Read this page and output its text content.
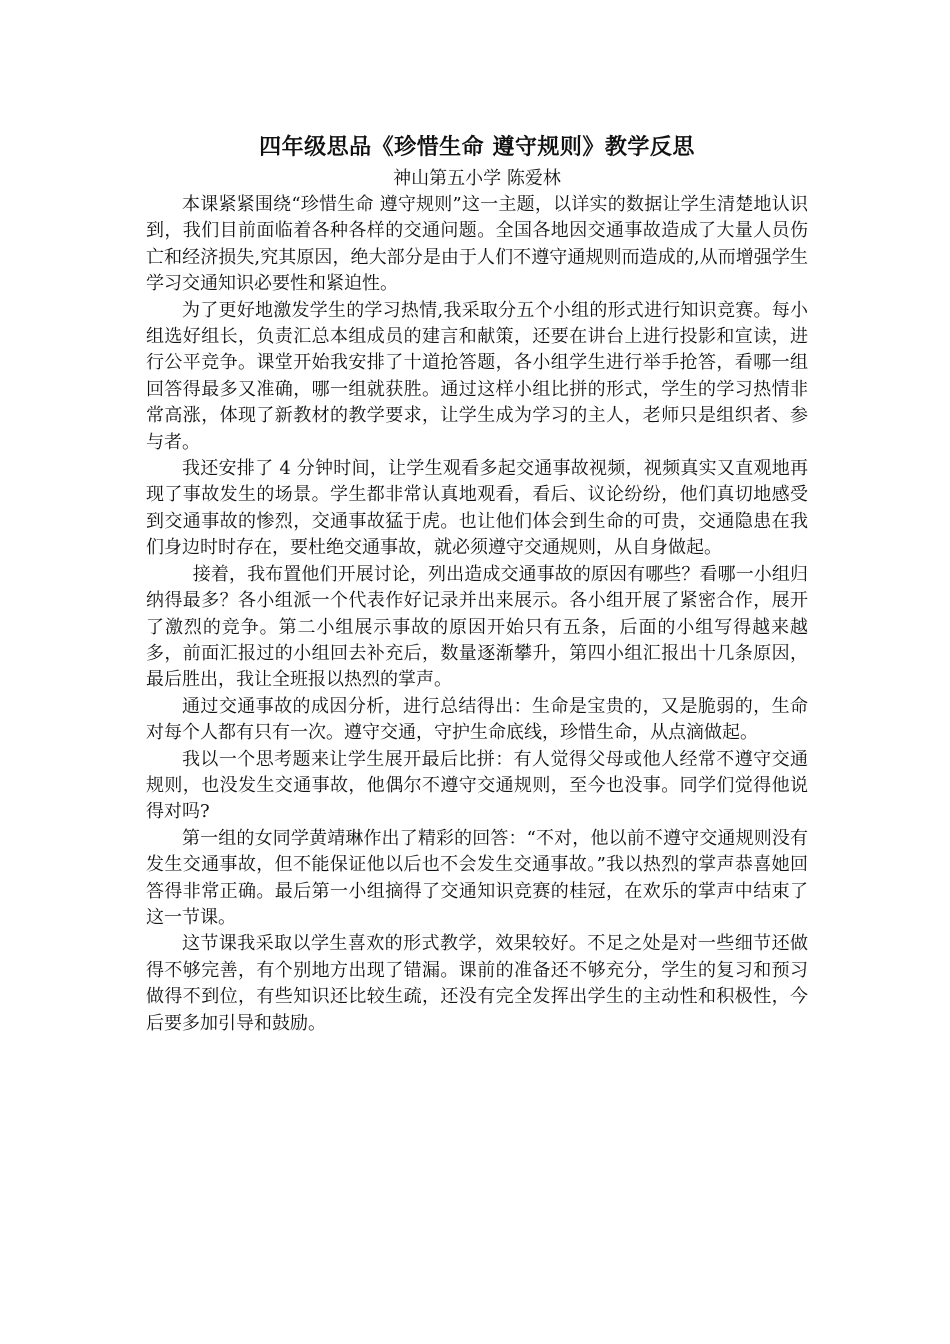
四年级思品《珍惜生命 遵守规则》教学反思

神山第五小学 陈爱林

本课紧紧围绕“珍惜生命 遵守规则”这一主题，以详实的数据让学生清楚地认识到，我们目前面临着各种各样的交通问题。全国各地因交通事故造成了大量人员伤亡和经济损失,究其原因，绝大部分是由于人们不遵守通规则而造成的,从而增强学生学习交通知识必要性和紧迫性。

为了更好地激发学生的学习热情,我采取分五个小组的形式进行知识竞赛。每小组选好组长，负责汇总本组成员的建言和献策，还要在讲台上进行投影和宣读，进行公平竞争。课堂开始我安排了十道抢答题，各小组学生进行举手抢答，看哪一组回答得最多又准确，哪一组就获胜。通过这样小组比拼的形式，学生的学习热情非常高涨，体现了新教材的教学要求，让学生成为学习的主人，老师只是组织者、参与者。

我还安排了 4 分钟时间，让学生观看多起交通事故视频，视频真实又直观地再现了事故发生的场景。学生都非常认真地观看，看后、议论纷纷，他们真切地感受到交通事故的惨烈，交通事故猛于虎。也让他们体会到生命的可贵，交通隐患在我们身边时时存在，要杜绝交通事故，就必须遵守交通规则，从自身做起。

接着，我布置他们开展讨论，列出造成交通事故的原因有哪些？看哪一小组归纳得最多？各小组派一个代表作好记录并出来展示。各小组开展了紧密合作，展开了激烈的竞争。第二小组展示事故的原因开始只有五条，后面的小组写得越来越多，前面汇报过的小组回去补充后，数量逐渐攀升，第四小组汇报出十几条原因，最后胜出，我让全班报以热烈的掌声。

通过交通事故的成因分析，进行总结得出：生命是宝贵的，又是脆弱的，生命对每个人都有只有一次。遵守交通，守护生命底线，珍惜生命，从点滴做起。

我以一个思考题来让学生展开最后比拼：有人觉得父母或他人经常不遵守交通规则，也没发生交通事故，他偶尔不遵守交通规则，至今也没事。同学们觉得他说得对吗?

第一组的女同学黄靖琳作出了精彩的回答：“不对，他以前不遵守交通规则没有发生交通事故，但不能保证他以后也不会发生交通事故。”我以热烈的掌声恭喜她回答得非常正确。最后第一小组摘得了交通知识竞赛的桂冠，在欢乐的掌声中结束了这一节课。

这节课我采取以学生喜欢的形式教学，效果较好。不足之处是对一些细节还做得不够完善，有个别地方出现了错漏。课前的准备还不够充分，学生的复习和预习做得不到位，有些知识还比较生疏，还没有完全发挥出学生的主动性和积极性，今后要多加引导和鼓励。
